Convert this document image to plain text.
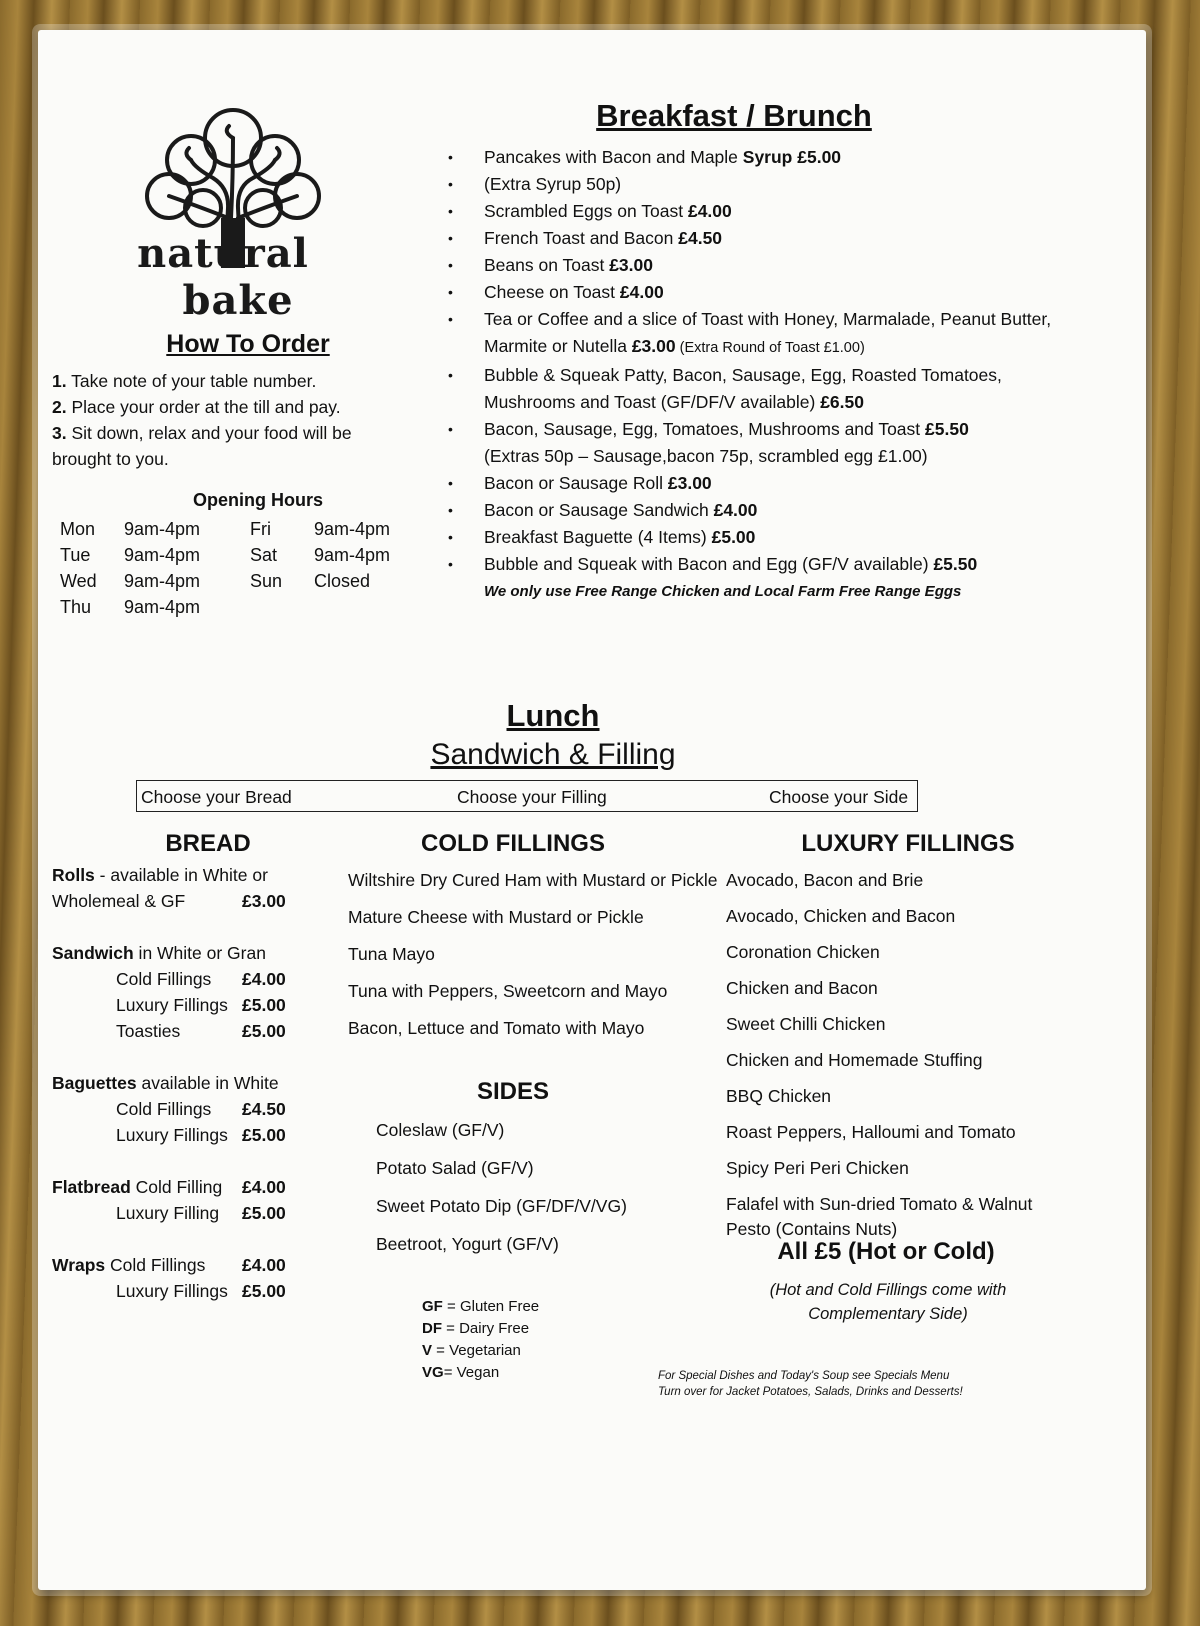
naturalbake
How To Order
1. Take note of your table number.
2. Place your order at the till and pay.
3. Sit down, relax and your food will be brought to you.
Opening Hours
Mon	9am-4pm	Fri	9am-4pm
Tue	9am-4pm	Sat	9am-4pm
Wed	9am-4pm	Sun	Closed
Thu	9am-4pm		
Breakfast / Brunch
• Pancakes with Bacon and Maple Syrup £5.00
• (Extra Syrup 50p)
• Scrambled Eggs on Toast £4.00
• French Toast and Bacon £4.50
• Beans on Toast £3.00
• Cheese on Toast £4.00
• Tea or Coffee and a slice of Toast with Honey, Marmalade, Peanut Butter, Marmite or Nutella £3.00 (Extra Round of Toast £1.00)
• Bubble & Squeak Patty, Bacon, Sausage, Egg, Roasted Tomatoes, Mushrooms and Toast (GF/DF/V available) £6.50
• Bacon, Sausage, Egg, Tomatoes, Mushrooms and Toast £5.50
(Extras 50p – Sausage,bacon 75p, scrambled egg £1.00)
• Bacon or Sausage Roll £3.00
• Bacon or Sausage Sandwich £4.00
• Breakfast Baguette (4 Items) £5.00
• Bubble and Squeak with Bacon and Egg (GF/V available) £5.50
We only use Free Range Chicken and Local Farm Free Range Eggs
Lunch
Sandwich & Filling
Choose your Bread	Choose your Filling	Choose your Side
BREAD	COLD FILLINGS	LUXURY FILLINGS
Rolls - available in White or
Wholemeal & GF	£3.00
Sandwich in White or Gran
Cold Fillings £4.00
Luxury Fillings £5.00
Toasties	£5.00
Baguettes available in White
Cold Fillings £4.50
Luxury Fillings £5.00
Flatbread Cold Filling £4.00
Luxury Filling £5.00
Wraps Cold Fillings £4.00
Luxury Fillings £5.00
Wiltshire Dry Cured Ham with Mustard or Pickle
Mature Cheese with Mustard or Pickle
Tuna Mayo
Tuna with Peppers, Sweetcorn and Mayo
Bacon, Lettuce and Tomato with Mayo
SIDES
Coleslaw (GF/V)
Potato Salad (GF/V)
Sweet Potato Dip (GF/DF/V/VG)
Beetroot, Yogurt (GF/V)
GF = Gluten Free
DF = Dairy Free
V = Vegetarian
VG= Vegan
Avocado, Bacon and Brie
Avocado, Chicken and Bacon
Coronation Chicken
Chicken and Bacon
Sweet Chilli Chicken
Chicken and Homemade Stuffing
BBQ Chicken
Roast Peppers, Halloumi and Tomato
Spicy Peri Peri Chicken
Falafel with Sun-dried Tomato & Walnut Pesto (Contains Nuts)
All £5 (Hot or Cold)
(Hot and Cold Fillings come with Complementary Side)
For Special Dishes and Today's Soup see Specials Menu
Turn over for Jacket Potatoes, Salads, Drinks and Desserts!
